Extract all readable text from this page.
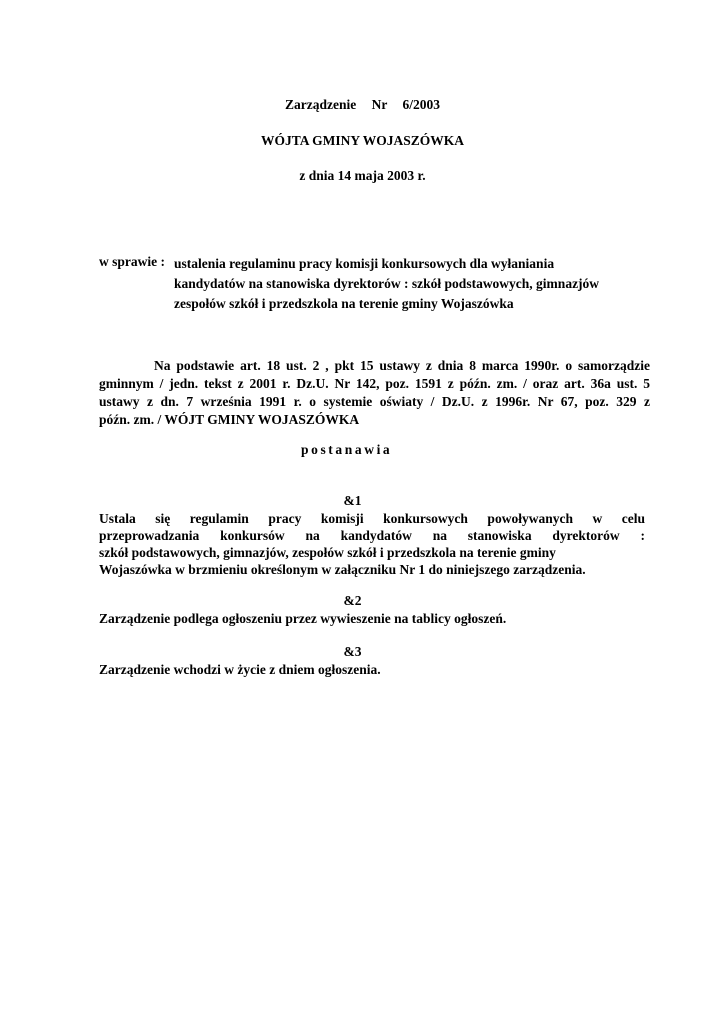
Zarządzenie Nr 6/2003
WÓJTA GMINY WOJASZÓWKA
z dnia 14 maja 2003 r.
w sprawie : ustalenia regulaminu pracy komisji konkursowych dla wyłaniania
kandydatów na stanowiska dyrektorów : szkół podstawowych, gimnazjów
zespołów szkół i przedszkola na terenie gminy Wojaszówka
Na podstawie art. 18 ust. 2 , pkt 15 ustawy z dnia 8 marca 1990r. o samorządzie
gminnym / jedn. tekst z 2001 r. Dz.U. Nr 142, poz. 1591 z późn. zm. / oraz art. 36a ust. 5
ustawy z dn. 7 września 1991 r. o systemie oświaty / Dz.U. z 1996r. Nr 67, poz. 329 z
późn. zm. / WÓJT GMINY WOJASZÓWKA
postanawia
&1
Ustala się regulamin pracy komisji konkursowych powoływanych w celu
przeprowadzania konkursów na kandydatów na stanowiska dyrektorów :
szkół podstawowych, gimnazjów, zespołów szkół i przedszkola na terenie gminy
Wojaszówka w brzmieniu określonym w załączniku Nr 1 do niniejszego zarządzenia.
&2
Zarządzenie podlega ogłoszeniu przez wywieszenie na tablicy ogłoszeń.
&3
Zarządzenie wchodzi w życie z dniem ogłoszenia.
